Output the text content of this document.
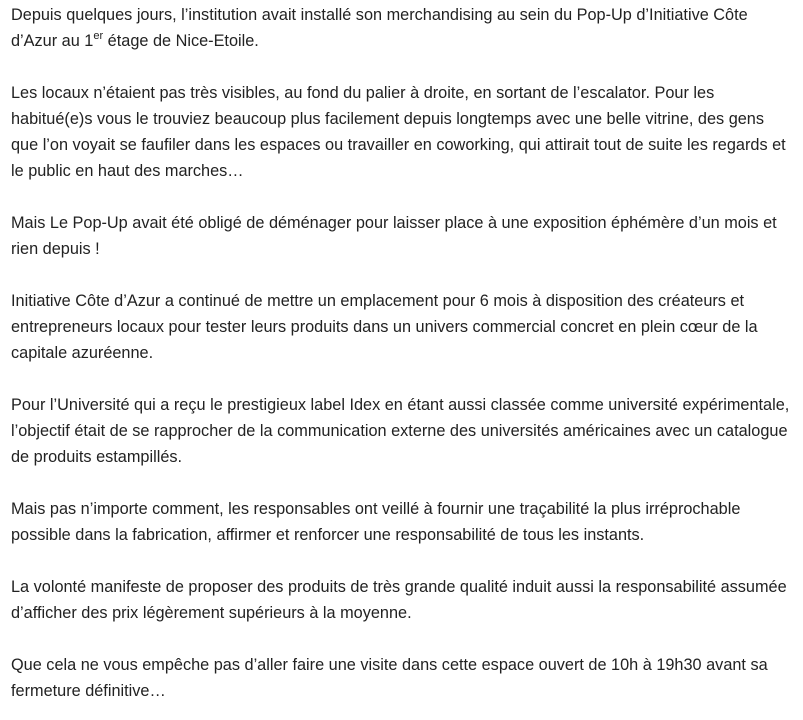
Depuis quelques jours, l’institution avait installé son merchandising au sein du Pop-Up d’Initiative Côte d’Azur au 1er étage de Nice-Etoile.

Les locaux n’étaient pas très visibles, au fond du palier à droite, en sortant de l’escalator. Pour les habitué(e)s vous le trouviez beaucoup plus facilement depuis longtemps avec une belle vitrine, des gens que l’on voyait se faufiler dans les espaces ou travailler en coworking, qui attirait tout de suite les regards et le public en haut des marches…

Mais Le Pop-Up avait été obligé de déménager pour laisser place à une exposition éphémère d’un mois et rien depuis !

Initiative Côte d’Azur a continué de mettre un emplacement pour 6 mois à disposition des créateurs et entrepreneurs locaux pour tester leurs produits dans un univers commercial concret en plein cœur de la capitale azuréenne.

Pour l’Université qui a reçu le prestigieux label Idex en étant aussi classée comme université expérimentale, l’objectif était de se rapprocher de la communication externe des universités américaines avec un catalogue de produits estampillés.

Mais pas n’importe comment, les responsables ont veillé à fournir une traçabilité la plus irréprochable possible dans la fabrication, affirmer et renforcer une responsabilité de tous les instants.

La volonté manifeste de proposer des produits de très grande qualité induit aussi la responsabilité assumée d’afficher des prix légèrement supérieurs à la moyenne.

Que cela ne vous empêche pas d’aller faire une visite dans cette espace ouvert de 10h à 19h30 avant sa fermeture définitive…
